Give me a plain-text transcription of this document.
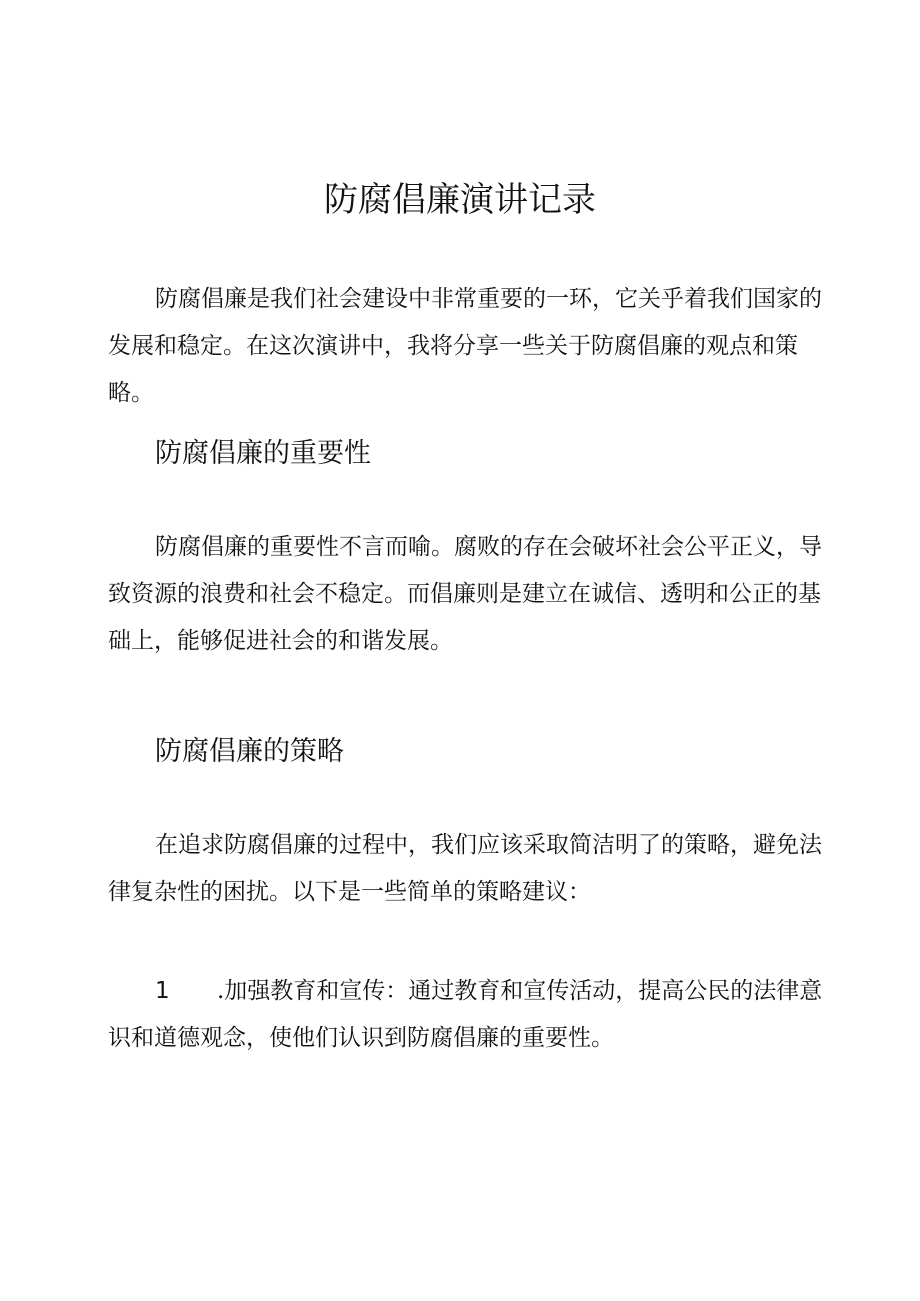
防腐倡廉演讲记录

防腐倡廉是我们社会建设中非常重要的一环，它关乎着我们国家的发展和稳定。在这次演讲中，我将分享一些关于防腐倡廉的观点和策略。

防腐倡廉的重要性

防腐倡廉的重要性不言而喻。腐败的存在会破坏社会公平正义，导致资源的浪费和社会不稳定。而倡廉则是建立在诚信、透明和公正的基础上，能够促进社会的和谐发展。

防腐倡廉的策略

在追求防腐倡廉的过程中，我们应该采取简洁明了的策略，避免法律复杂性的困扰。以下是一些简单的策略建议：

1 .加强教育和宣传：通过教育和宣传活动，提高公民的法律意识和道德观念，使他们认识到防腐倡廉的重要性。
